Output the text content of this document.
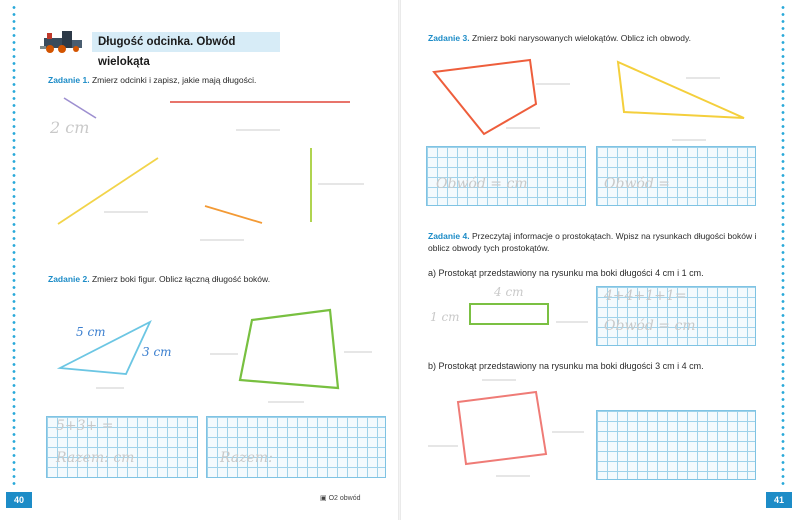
Długość odcinka. Obwód wielokąta
Zadanie 1. Zmierz odcinki i zapisz, jakie mają długości.
2 cm
Zadanie 2. Zmierz boki figur. Oblicz łączną długość boków.
5 cm
3 cm
5+3+ =
Razem: cm	Razem:
Zadanie 3. Zmierz boki narysowanych wielokątów. Oblicz ich obwody.
Obwód = cm	Obwód =
Zadanie 4. Przeczytaj informacje o prostokątach. Wpisz na rysunkach długości boków i oblicz obwody tych prostokątów.
a) Prostokąt przedstawiony na rysunku ma boki długości 4 cm i 1 cm.
4 cm
1 cm
4+4+1+1=
Obwód = cm
b) Prostokąt przedstawiony na rysunku ma boki długości 3 cm i 4 cm.
40	41
▣ O2 obwód
